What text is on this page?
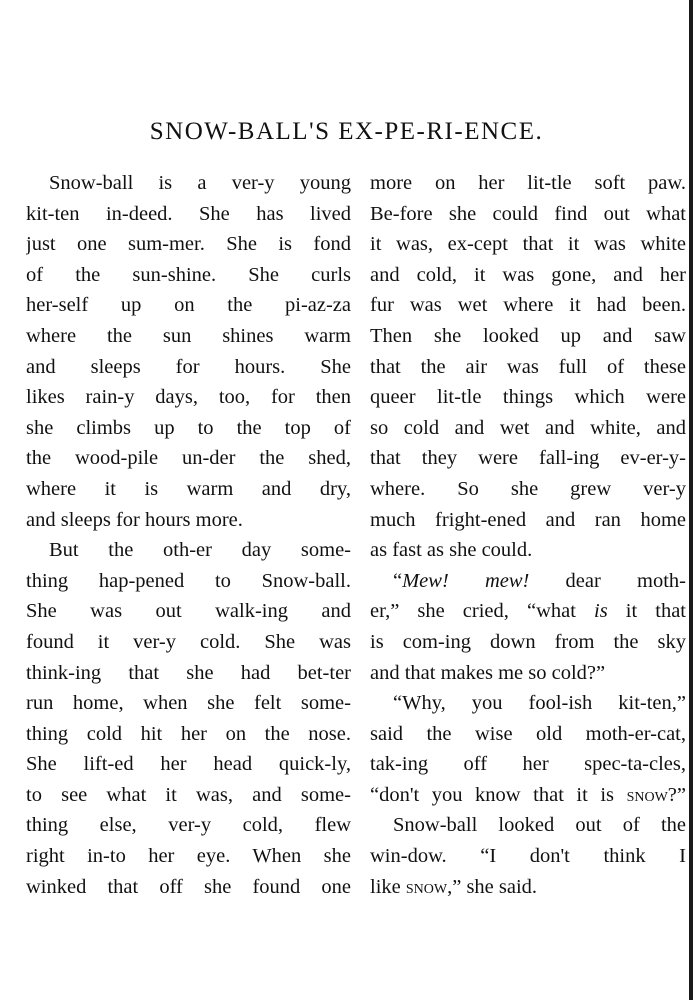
SNOW-BALL'S EX-PE-RI-ENCE.
Snow-ball is a ver-y young
kit-ten in-deed. She has lived
just one sum-mer. She is fond
of the sun-shine. She curls
her-self up on the pi-az-za
where the sun shines warm
and sleeps for hours. She
likes rain-y days, too, for then
she climbs up to the top of
the wood-pile un-der the shed,
where it is warm and dry,
and sleeps for hours more.
But the oth-er day some-
thing hap-pened to Snow-ball.
She was out walk-ing and
found it ver-y cold. She was
think-ing that she had bet-ter
run home, when she felt some-
thing cold hit her on the nose.
She lift-ed her head quick-ly,
to see what it was, and some-
thing else, ver-y cold, flew
right in-to her eye. When she
winked that off she found one
more on her lit-tle soft paw.
Be-fore she could find out what
it was, ex-cept that it was white
and cold, it was gone, and her
fur was wet where it had been.
Then she looked up and saw
that the air was full of these
queer lit-tle things which were
so cold and wet and white, and
that they were fall-ing ev-er-y-
where. So she grew ver-y
much fright-ened and ran home
as fast as she could.
“Mew! mew! dear moth-
er,” she cried, “what is it that
is com-ing down from the sky
and that makes me so cold?”
“Why, you fool-ish kit-ten,”
said the wise old moth-er-cat,
tak-ing off her spec-ta-cles,
“don't you know that it is snow?”
Snow-ball looked out of the
win-dow. “I don't think I
like snow,” she said.
